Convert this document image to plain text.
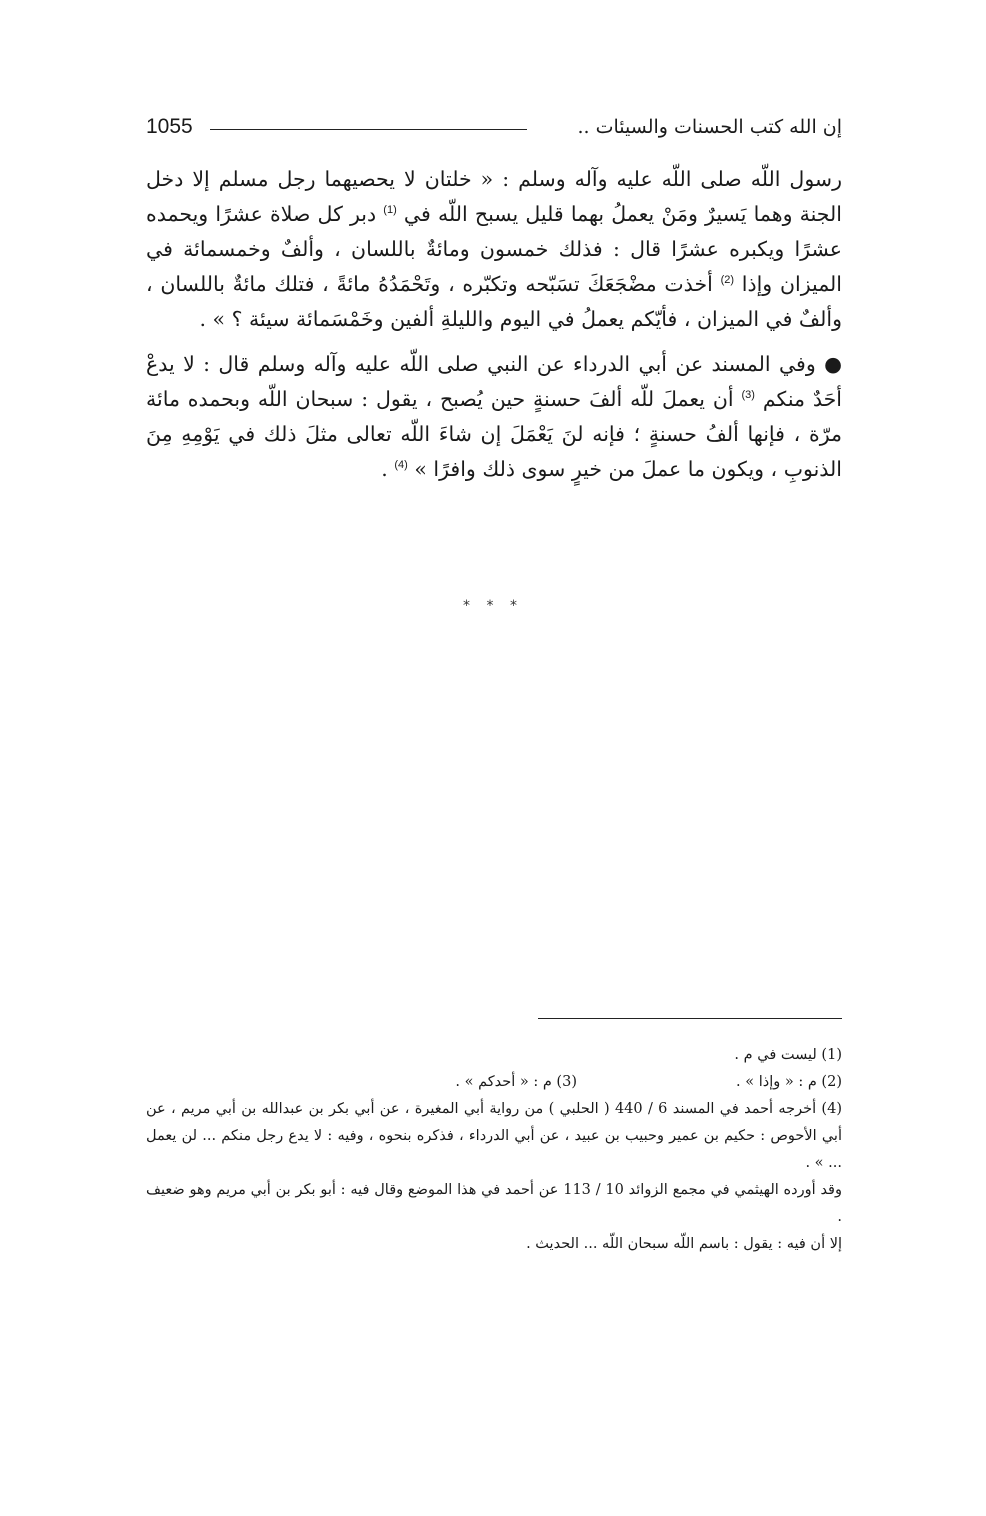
1055	إن الله كتب الحسنات والسيئات ..

رسول اللّه صلى اللّه عليه وآله وسلم : « خلتان لا يحصيهما رجل مسلم إلا دخل الجنة وهما يَسيرٌ ومَنْ يعملُ بهما قليل يسبح اللّه في $^{(1)}$ دبر كل صلاة عشرًا ويحمده عشرًا ويكبره عشرًا قال : فذلك خمسون ومائةٌ باللسان ، وألفٌ وخمسمائة في الميزان وإذا $^{(2)}$ أخذت مضْجَعَكَ تسَبّحه وتكبّره ، وتَحْمَدُهُ مائةً ، فتلك مائةٌ باللسان ، وألفٌ في الميزان ، فأيّكم يعملُ في اليوم والليلةِ ألفين وخَمْسَمائة سيئة ؟ » .

● وفي المسند عن أبي الدرداء عن النبي صلى اللّه عليه وآله وسلم قال : لا يدعْ أحَدٌ منكم $^{(3)}$ أن يعملَ للّه ألفَ حسنةٍ حين يُصبح ، يقول : سبحان اللّه وبحمده مائة مرّة ، فإنها ألفُ حسنةٍ ؛ فإنه لنَ يَعْمَلَ إن شاءَ اللّه تعالى مثلَ ذلك في يَوْمِهِ مِنَ الذنوبِ ، ويكون ما عملَ من خيرٍ سوى ذلك وافرًا » $^{(4)}$ .

* * *

(1) ليست في م .

(2) م : « وإذا » .
(3) م : « أحدكم » .

(4) أخرجه أحمد في المسند 6 / 440 ( الحلبي ) من رواية أبي المغيرة ، عن أبي بكر بن عبدالله بن أبي مريم ، عن أبي الأحوص : حكيم بن عمير وحبيب بن عبيد ، عن أبي الدرداء ، فذكره بنحوه ، وفيه : لا يدع رجل منكم ... لن يعمل ... » .

وقد أورده الهيثمي في مجمع الزوائد 10 / 113 عن أحمد في هذا الموضع وقال فيه : أبو بكر بن أبي مريم وهو ضعيف .

إلا أن فيه : يقول : باسم اللّه سبحان اللّه ... الحديث .
